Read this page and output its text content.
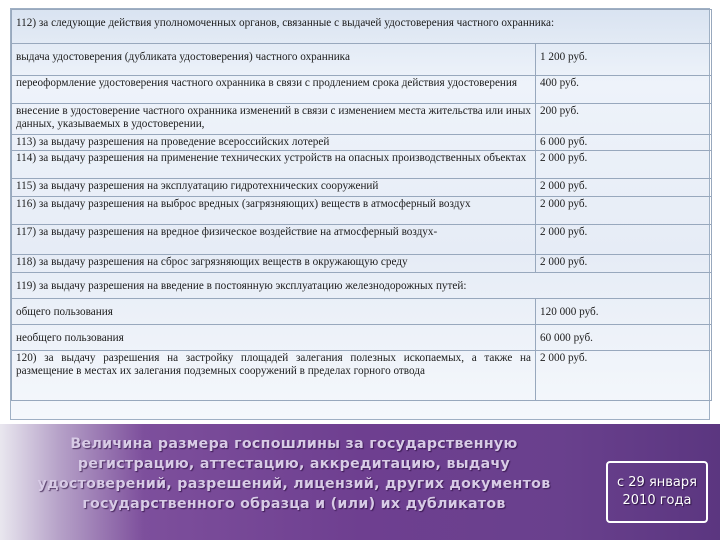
112) за следующие действия уполномоченных органов, связанные с выдачей удостоверения частного охранника:	
выдача удостоверения (дубликата удостоверения) частного охранника	1 200 руб.
переоформление удостоверения частного охранника в связи с продлением срока действия удостоверения	400 руб.
внесение в удостоверение частного охранника изменений в связи с изменением места жительства или иных данных, указываемых в удостоверении,	200 руб.
113) за выдачу разрешения на проведение всероссийских лотерей	6 000 руб.
114) за выдачу разрешения на применение технических устройств на опасных производственных объектах	2 000 руб.
115) за выдачу разрешения на эксплуатацию гидротехнических сооружений	2 000 руб.
116) за выдачу разрешения на выброс вредных (загрязняющих) веществ в атмосферный воздух	2 000 руб.
117) за выдачу разрешения на вредное физическое воздействие на атмосферный воздух-	2 000 руб.
118) за выдачу разрешения на сброс загрязняющих веществ в окружающую среду	2 000 руб.
119) за выдачу разрешения на введение в постоянную эксплуатацию железнодорожных путей:	
общего пользования	120 000 руб.
необщего пользования	60 000 руб.
120) за выдачу разрешения на застройку площадей залегания полезных ископаемых, а также на размещение в местах их залегания подземных сооружений в пределах горного отвода	2 000 руб.
Величина размера госпошлины за государственную регистрацию, аттестацию, аккредитацию, выдачу удостоверений, разрешений, лицензий, других документов государственного образца и (или) их дубликатов
с 29 января 2010 года
